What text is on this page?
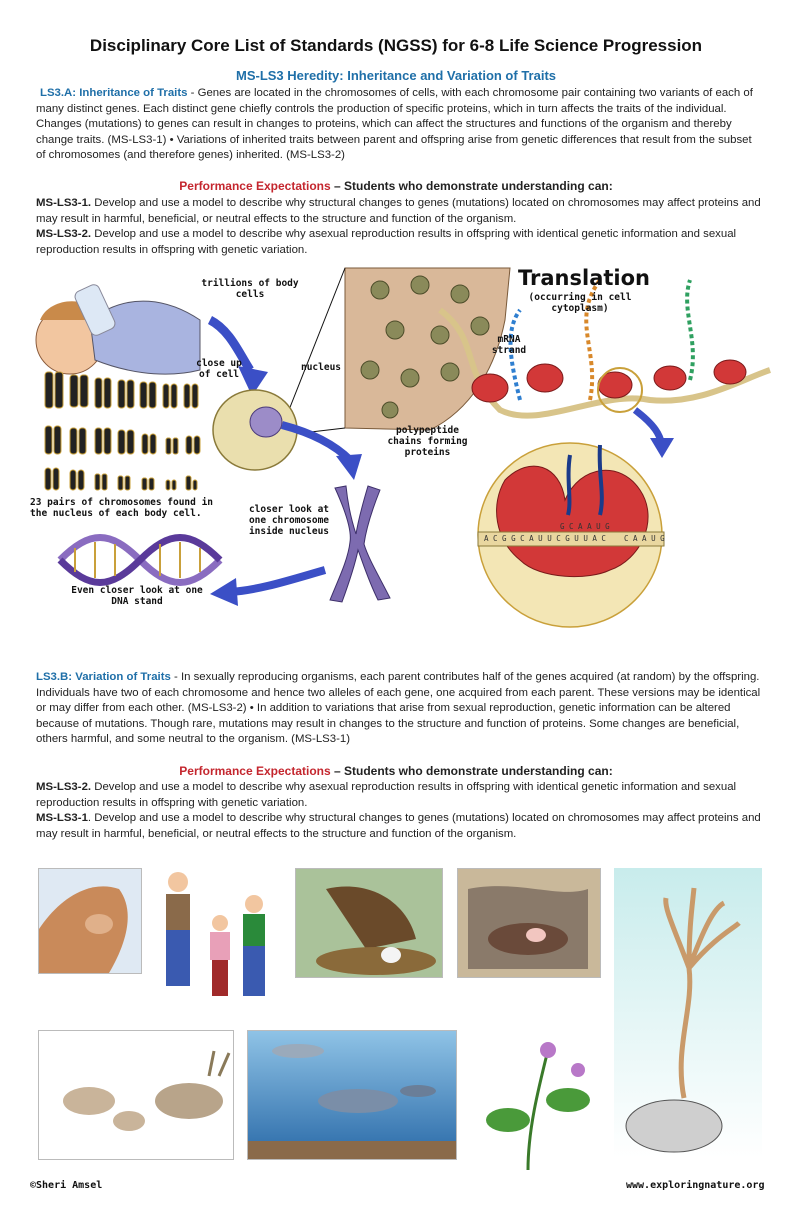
Disciplinary Core List of Standards (NGSS) for 6-8 Life Science Progression
MS-LS3 Heredity: Inheritance and Variation of Traits
LS3.A: Inheritance of Traits - Genes are located in the chromosomes of cells, with each chromosome pair containing two variants of each of many distinct genes. Each distinct gene chiefly controls the production of specific proteins, which in turn affects the traits of the individual. Changes (mutations) to genes can result in changes to proteins, which can affect the structures and functions of the organism and thereby change traits. (MS-LS3-1) • Variations of inherited traits between parent and offspring arise from genetic differences that result from the subset of chromosomes (and therefore genes) inherited. (MS-LS3-2)
Performance Expectations – Students who demonstrate understanding can:
MS-LS3-1. Develop and use a model to describe why structural changes to genes (mutations) located on chromosomes may affect proteins and may result in harmful, beneficial, or neutral effects to the structure and function of the organism.
MS-LS3-2. Develop and use a model to describe why asexual reproduction results in offspring with identical genetic information and sexual reproduction results in offspring with genetic variation.
trillions of body cells
close up of cell
nucleus
23 pairs of chromosomes found in the nucleus of each body cell.	closer look at one chromosome inside nucleus
Even closer look at one DNA stand
Translation
(occurring in cell cytoplasm)
mRNA strand
polypeptide chains forming proteins
A C G G C A U U C G U U A C
G C A A U G
C A A U G
LS3.B: Variation of Traits - In sexually reproducing organisms, each parent contributes half of the genes acquired (at random) by the offspring. Individuals have two of each chromosome and hence two alleles of each gene, one acquired from each parent. These versions may be identical or may differ from each other. (MS-LS3-2) • In addition to variations that arise from sexual reproduction, genetic information can be altered because of mutations. Though rare, mutations may result in changes to the structure and function of proteins. Some changes are beneficial, others harmful, and some neutral to the organism. (MS-LS3-1)
Performance Expectations – Students who demonstrate understanding can:
MS-LS3-2. Develop and use a model to describe why asexual reproduction results in offspring with identical genetic information and sexual reproduction results in offspring with genetic variation.
MS-LS3-1. Develop and use a model to describe why structural changes to genes (mutations) located on chromosomes may affect proteins and may result in harmful, beneficial, or neutral effects to the structure and function of the organism.
©Sheri Amsel	www.exploringnature.org
